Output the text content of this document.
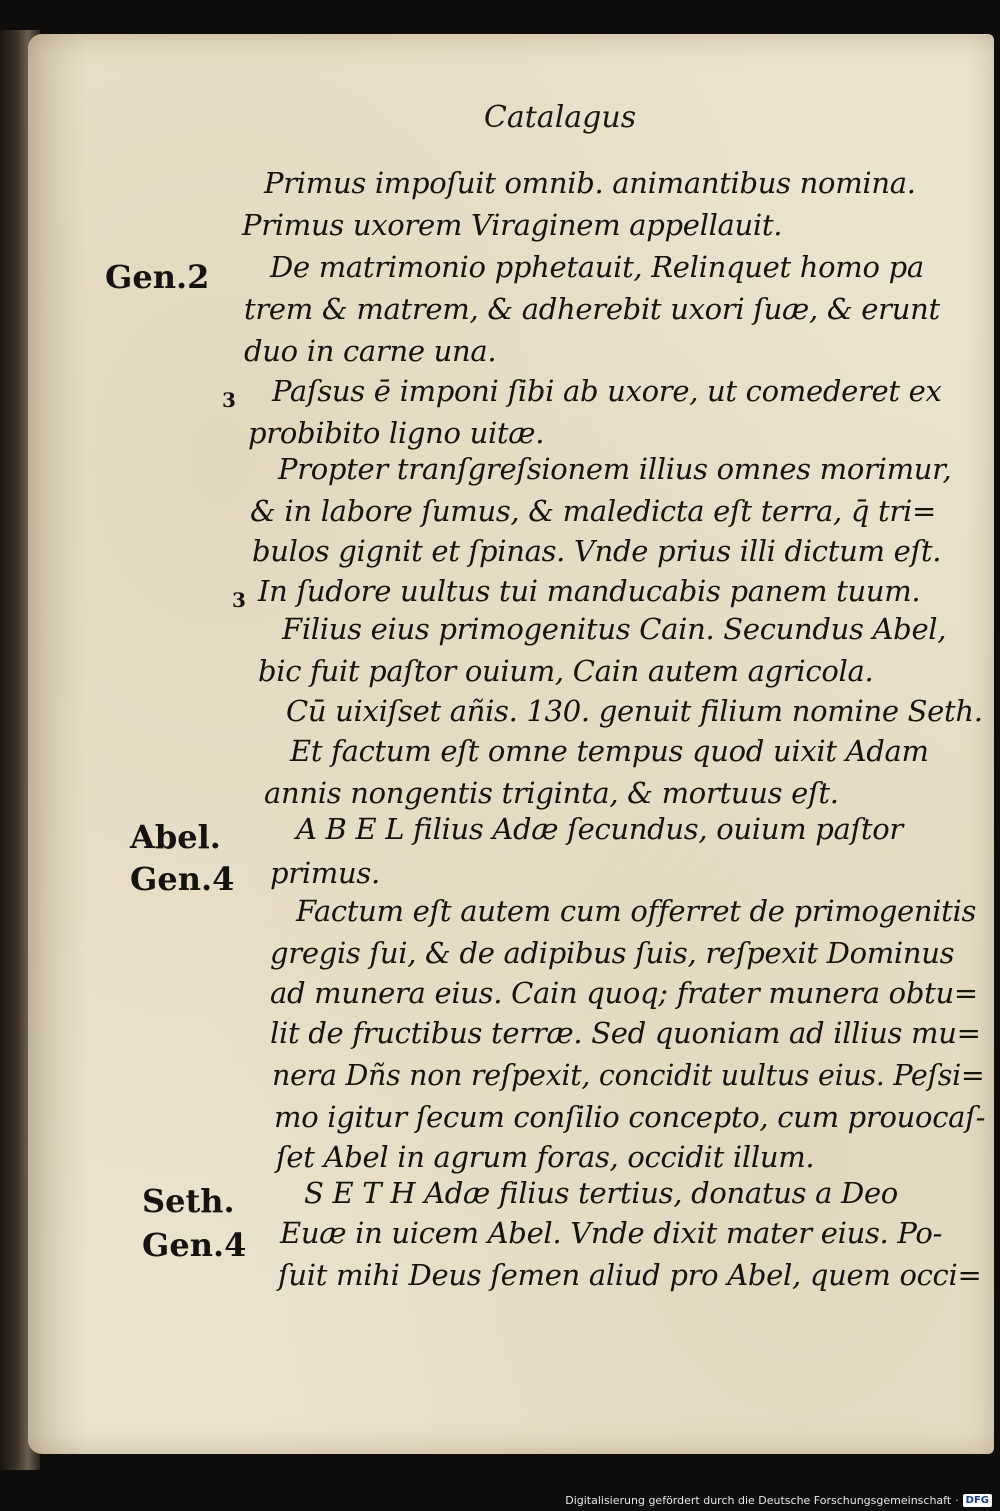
Catalagus
Gen.2
Abel.
Gen.4
Seth.
Gen.4
3
3
Primus impoſuit omnib. animantibus nomina.
Primus uxorem Viraginem appellauit.
De matrimonio pphetauit, Relinquet homo pa
trem & matrem, & adherebit uxori ſuæ, & erunt
duo in carne una.
Paſsus ē imponi ſibi ab uxore, ut comederet ex
probibito ligno uitæ.
Propter tranſgreſsionem illius omnes morimur,
& in labore ſumus, & maledicta eſt terra, q̄ tri=
bulos gignit et ſpinas. Vnde prius illi dictum eſt.
In ſudore uultus tui manducabis panem tuum.
Filius eius primogenitus Cain. Secundus Abel,
bic fuit paſtor ouium, Cain autem agricola.
Cū uixiſset añis. 130. genuit filium nomine Seth.
Et factum eſt omne tempus quod uixit Adam
annis nongentis triginta, & mortuus eſt.
A B E L filius Adæ ſecundus, ouium paſtor
primus.
Factum eſt autem cum offerret de primogenitis
gregis ſui, & de adipibus ſuis, reſpexit Dominus
ad munera eius. Cain quoq; frater munera obtu=
lit de fructibus terræ. Sed quoniam ad illius mu=
nera Dñs non reſpexit, concidit uultus eius. Peſsi=
mo igitur ſecum conſilio concepto, cum prouocaſ-
ſet Abel in agrum foras, occidit illum.
S E T H Adæ filius tertius, donatus a Deo
Euæ in uicem Abel. Vnde dixit mater eius. Po-
ſuit mihi Deus ſemen aliud pro Abel, quem occi=
Digitalisierung gefördert durch die Deutsche Forschungsgemeinschaft · DFG
